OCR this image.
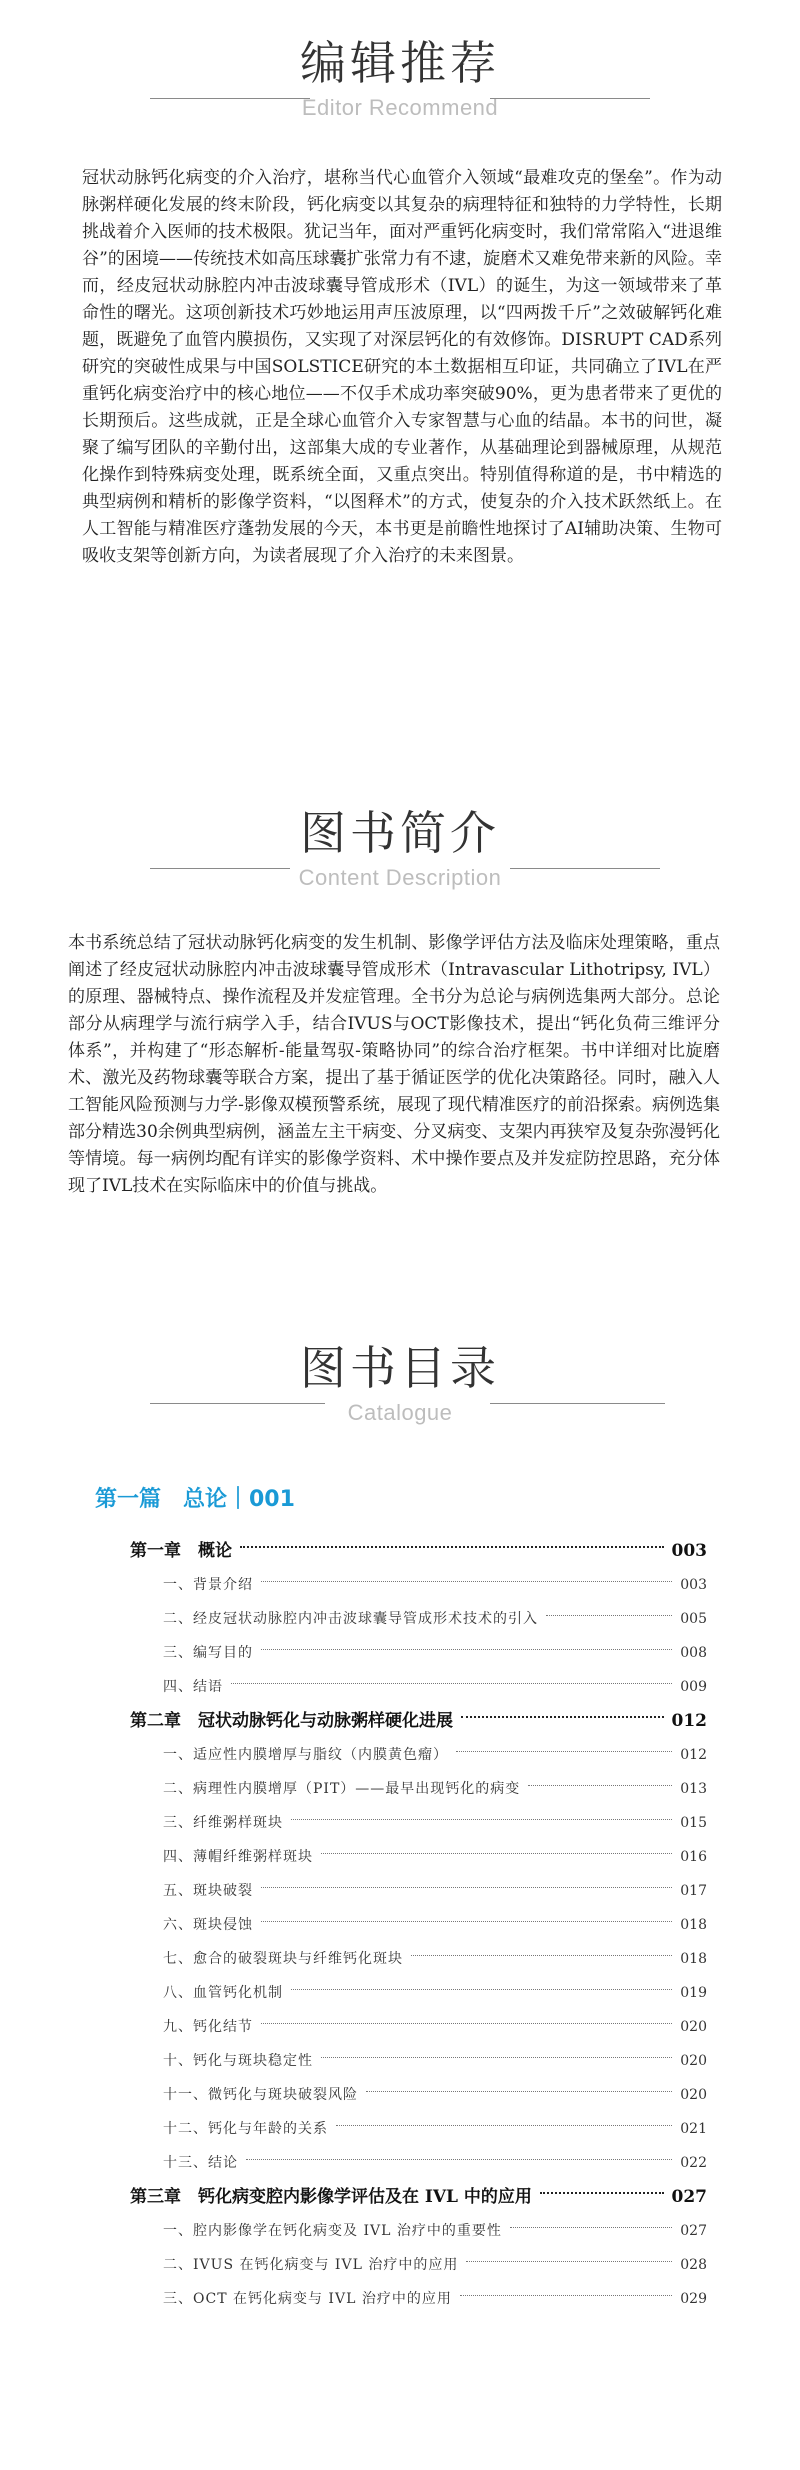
编辑推荐
Editor Recommend

冠状动脉钙化病变的介入治疗，堪称当代心血管介入领域“最难攻克的堡垒”。作为动脉粥样硬化发展的终末阶段，钙化病变以其复杂的病理特征和独特的力学特性，长期挑战着介入医师的技术极限。犹记当年，面对严重钙化病变时，我们常常陷入“进退维谷”的困境——传统技术如高压球囊扩张常力有不逮，旋磨术又难免带来新的风险。幸而，经皮冠状动脉腔内冲击波球囊导管成形术（IVL）的诞生，为这一领域带来了革命性的曙光。这项创新技术巧妙地运用声压波原理，以“四两拨千斤”之效破解钙化难题，既避免了血管内膜损伤，又实现了对深层钙化的有效修饰。DISRUPT CAD系列研究的突破性成果与中国SOLSTICE研究的本土数据相互印证，共同确立了IVL在严重钙化病变治疗中的核心地位——不仅手术成功率突破90%，更为患者带来了更优的长期预后。这些成就，正是全球心血管介入专家智慧与心血的结晶。本书的问世，凝聚了编写团队的辛勤付出，这部集大成的专业著作，从基础理论到器械原理，从规范化操作到特殊病变处理，既系统全面，又重点突出。特别值得称道的是，书中精选的典型病例和精析的影像学资料，“以图释术”的方式，使复杂的介入技术跃然纸上。在人工智能与精准医疗蓬勃发展的今天，本书更是前瞻性地探讨了AI辅助决策、生物可吸收支架等创新方向，为读者展现了介入治疗的未来图景。

图书简介
Content Description

本书系统总结了冠状动脉钙化病变的发生机制、影像学评估方法及临床处理策略，重点阐述了经皮冠状动脉腔内冲击波球囊导管成形术（Intravascular Lithotripsy, IVL）的原理、器械特点、操作流程及并发症管理。全书分为总论与病例选集两大部分。总论部分从病理学与流行病学入手，结合IVUS与OCT影像技术，提出“钙化负荷三维评分体系”，并构建了“形态解析-能量驾驭-策略协同”的综合治疗框架。书中详细对比旋磨术、激光及药物球囊等联合方案，提出了基于循证医学的优化决策路径。同时，融入人工智能风险预测与力学-影像双模预警系统，展现了现代精准医疗的前沿探索。病例选集部分精选30余例典型病例，涵盖左主干病变、分叉病变、支架内再狭窄及复杂弥漫钙化等情境。每一病例均配有详实的影像学资料、术中操作要点及并发症防控思路，充分体现了IVL技术在实际临床中的价值与挑战。

图书目录
Catalogue
第一篇　总论｜001
第一章　概论	003
一、背景介绍	003
二、经皮冠状动脉腔内冲击波球囊导管成形术技术的引入	005
三、编写目的	008
四、结语	009
第二章　冠状动脉钙化与动脉粥样硬化进展	012
一、适应性内膜增厚与脂纹（内膜黄色瘤）	012
二、病理性内膜增厚（PIT）——最早出现钙化的病变	013
三、纤维粥样斑块	015
四、薄帽纤维粥样斑块	016
五、斑块破裂	017
六、斑块侵蚀	018
七、愈合的破裂斑块与纤维钙化斑块	018
八、血管钙化机制	019
九、钙化结节	020
十、钙化与斑块稳定性	020
十一、微钙化与斑块破裂风险	020
十二、钙化与年龄的关系	021
十三、结论	022
第三章　钙化病变腔内影像学评估及在 IVL 中的应用	027
一、腔内影像学在钙化病变及 IVL 治疗中的重要性	027
二、IVUS 在钙化病变与 IVL 治疗中的应用	028
三、OCT 在钙化病变与 IVL 治疗中的应用	029
